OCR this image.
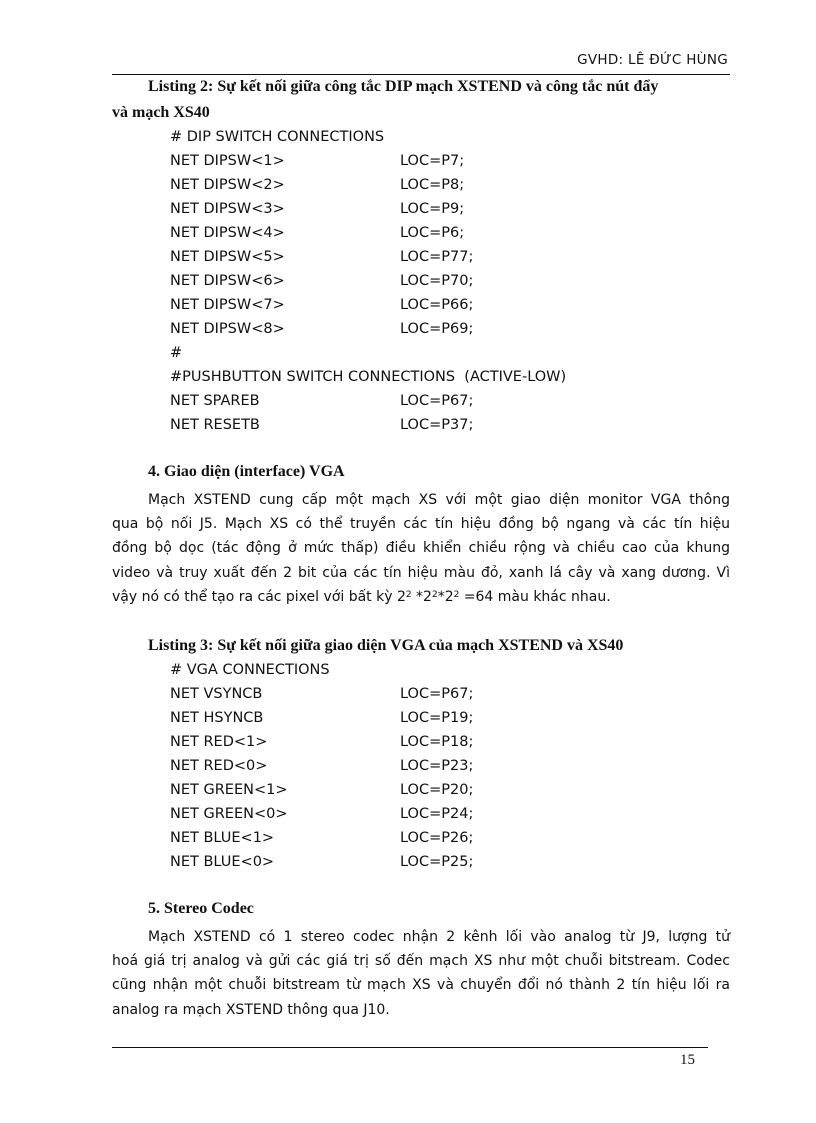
GVHD: LÊ ĐỨC HÙNG
Listing 2: Sự kết nối giữa công tắc DIP mạch XSTEND và công tắc nút đẩy
và mạch XS40
# DIP SWITCH CONNECTIONS
NET DIPSW<1>	LOC=P7;
NET DIPSW<2>	LOC=P8;
NET DIPSW<3>	LOC=P9;
NET DIPSW<4>	LOC=P6;
NET DIPSW<5>	LOC=P77;
NET DIPSW<6>	LOC=P70;
NET DIPSW<7>	LOC=P66;
NET DIPSW<8>	LOC=P69;
#
#PUSHBUTTON SWITCH CONNECTIONS  (ACTIVE-LOW)
NET SPAREB	LOC=P67;
NET RESETB	LOC=P37;
4. Giao diện (interface) VGA
Mạch XSTEND cung cấp một mạch XS với một giao diện monitor VGA thông
qua bộ nối J5. Mạch XS có thể truyền các tín hiệu đồng bộ ngang và các tín hiệu
đồng bộ dọc (tác động ở mức thấp) điều khiển chiều rộng và chiều cao của khung
video và truy xuất đến 2 bit của các tín hiệu màu đỏ, xanh lá cây và xang dương. Vì
vậy nó có thể tạo ra các pixel với bất kỳ $2^2$ $*2^2*2^2 =64$ màu khác nhau.
Listing 3: Sự kết nối giữa giao diện VGA của mạch XSTEND và XS40
# VGA CONNECTIONS
NET VSYNCB	LOC=P67;
NET HSYNCB	LOC=P19;
NET RED<1>	LOC=P18;
NET RED<0>	LOC=P23;
NET GREEN<1>	LOC=P20;
NET GREEN<0>	LOC=P24;
NET BLUE<1>	LOC=P26;
NET BLUE<0>	LOC=P25;
5. Stereo Codec
Mạch XSTEND có 1 stereo codec nhận 2 kênh lối vào analog từ J9, lượng tử
hoá giá trị analog và gửi các giá trị số đến mạch XS như một chuỗi bitstream. Codec
cũng nhận một chuỗi bitstream từ mạch XS và chuyển đổi nó thành 2 tín hiệu lối ra
analog ra mạch XSTEND thông qua J10.
15
